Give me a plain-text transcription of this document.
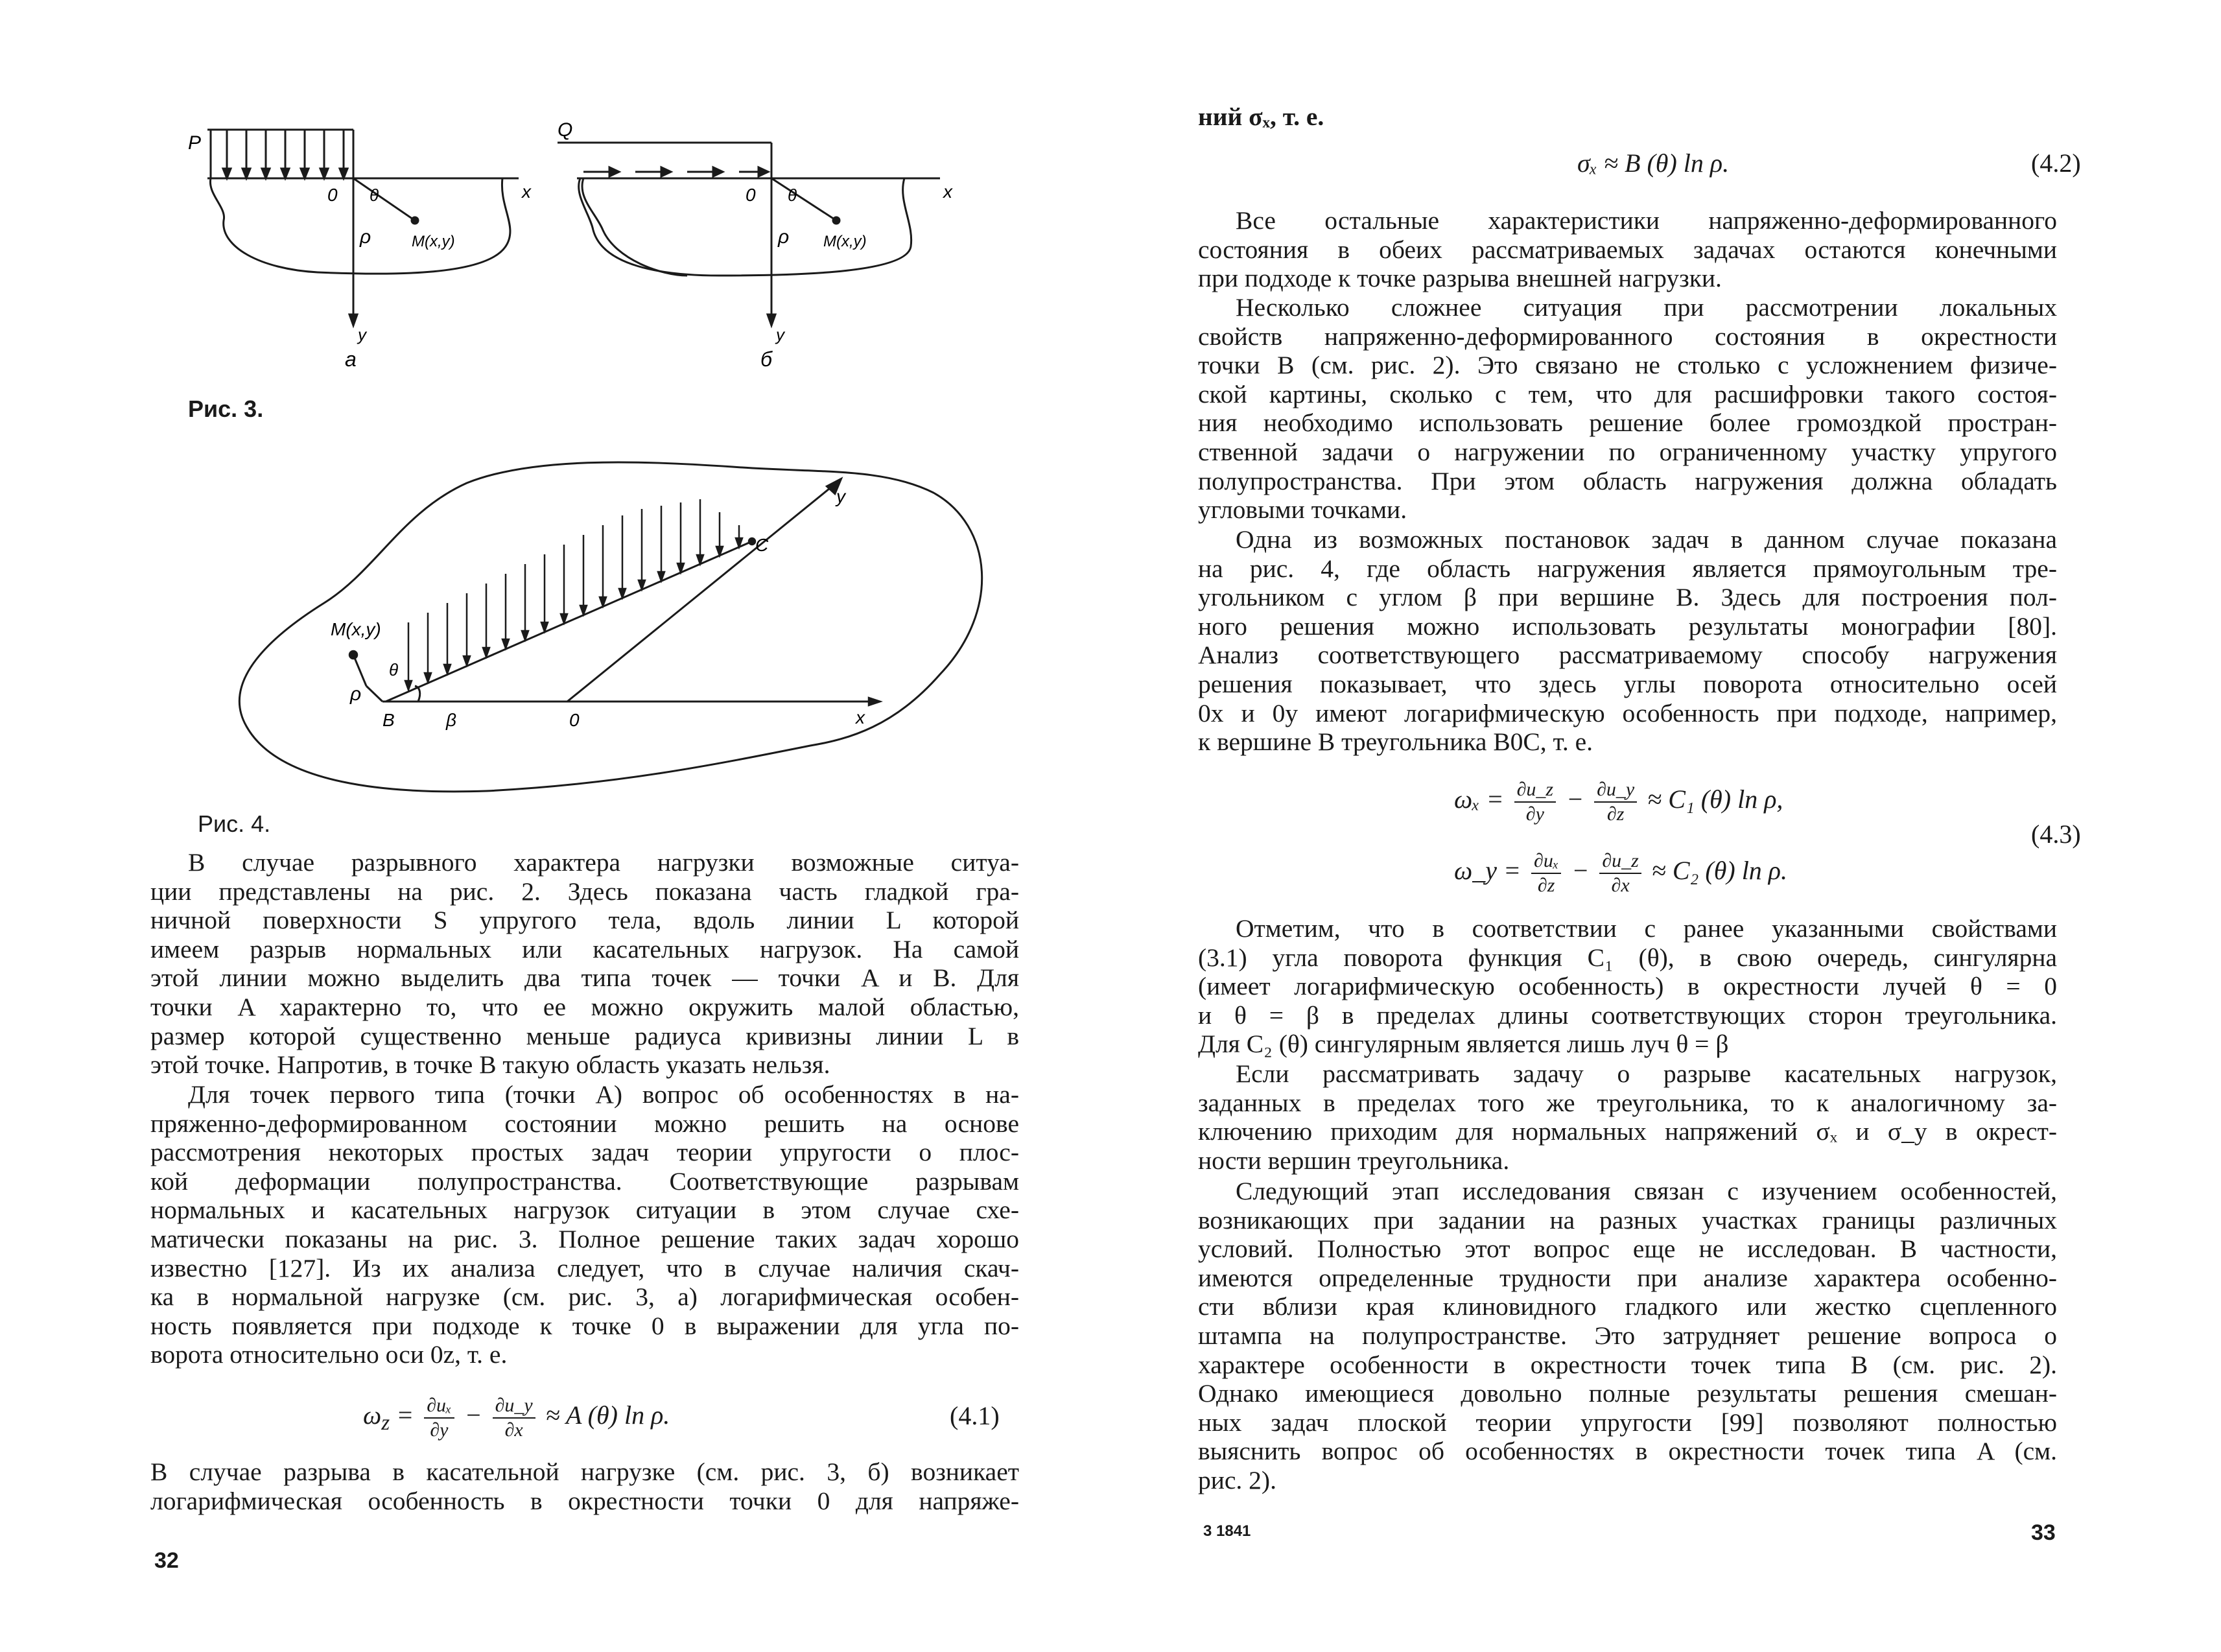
P
0	x
θ
ρ	M(x,y)
y
a
Q
0	x
θ
ρ M(x,y)
y
б
Рис. 3.
M(x,y)
θ
ρ
B	β	0	x
y
C
Рис. 4.
В случае разрывного характера нагрузки возможные ситуа-
ции представлены на рис. 2. Здесь показана часть гладкой гра-
ничной поверхности S упругого тела, вдоль линии L которой
имеем разрыв нормальных или касательных нагрузок. На самой
этой линии можно выделить два типа точек — точки A и B. Для
точки A характерно то, что ее можно окружить малой областью,
размер которой существенно меньше радиуса кривизны линии L в
этой точке. Напротив, в точке B такую область указать нельзя.
Для точек первого типа (точки A) вопрос об особенностях в на-
пряженно-деформированном состоянии можно решить на основе
рассмотрения некоторых простых задач теории упругости о плос-
кой деформации полупространства. Соответствующие разрывам
нормальных и касательных нагрузок ситуации в этом случае схе-
матически показаны на рис. 3. Полное решение таких задач хорошо
известно [127]. Из их анализа следует, что в случае наличия скач-
ка в нормальной нагрузке (см. рис. 3, a) логарифмическая особен-
ность появляется при подходе к точке 0 в выражении для угла по-
ворота относительно оси 0z, т. е.
$\omega_z = \frac{\text{∂uₓ}}{\partial y} - \frac{\partial u\_y}{\partial x} \approx A$ (θ) ln ρ.	(4.1)
В случае разрыва в касательной нагрузке (см. рис. 3, б) возникает
логарифмическая особенность в окрестности точки 0 для напряже-
32
ний σₓ, т. е.
σₓ ≈ B (θ) ln ρ.	(4.2)
Все остальные характеристики напряженно-деформированного
состояния в обеих рассматриваемых задачах остаются конечными
при подходе к точке разрыва внешней нагрузки.
Несколько сложнее ситуация при рассмотрении локальных
свойств напряженно-деформированного состояния в окрестности
точки B (см. рис. 2). Это связано не столько с усложнением физиче-
ской картины, сколько с тем, что для расшифровки такого состоя-
ния необходимо использовать решение более громоздкой простран-
ственной задачи о нагружении по ограниченному участку упругого
полупространства. При этом область нагружения должна обладать
угловыми точками.
Одна из возможных постановок задач в данном случае показана
на рис. 4, где область нагружения является прямоугольным тре-
угольником с углом β при вершине B. Здесь для построения пол-
ного решения можно использовать результаты монографии [80].
Анализ соответствующего рассматриваемому способу нагружения
решения показывает, что здесь углы поворота относительно осей
0x и 0y имеют логарифмическую особенность при подходе, например,
к вершине B треугольника B0C, т. е.
$\omega_x = \frac{\partial u\_z}{\partial y} - \frac{\partial u\_y}{\partial z} \approx C_1$ (θ) ln ρ,
ω_y = $\frac{\text{∂uₓ}}{\partial z} - \frac{\partial u\_z}{\partial x} \approx C_2$ (θ) ln ρ.
(4.3)
Отметим, что в соответствии с ранее указанными свойствами
(3.1) угла поворота функция C₁ (θ), в свою очередь, сингулярна
(имеет логарифмическую особенность) в окрестности лучей θ = 0
и θ = β в пределах длины соответствующих сторон треугольника.
Для C₂ (θ) сингулярным является лишь луч θ = β
Если рассматривать задачу о разрыве касательных нагрузок,
заданных в пределах того же треугольника, то к аналогичному за-
ключению приходим для нормальных напряжений σₓ и σ_y в окрест-
ности вершин треугольника.
Следующий этап исследования связан с изучением особенностей,
возникающих при задании на разных участках границы различных
условий. Полностью этот вопрос еще не исследован. В частности,
имеются определенные трудности при анализе характера особенно-
сти вблизи края клиновидного гладкого или жестко сцепленного
штампа на полупространстве. Это затрудняет решение вопроса о
характере особенности в окрестности точек типа B (см. рис. 2).
Однако имеющиеся довольно полные результаты решения смешан-
ных задач плоской теории упругости [99] позволяют полностью
выяснить вопрос об особенностях в окрестности точек типа A (см.
рис. 2).
3 1841	33
